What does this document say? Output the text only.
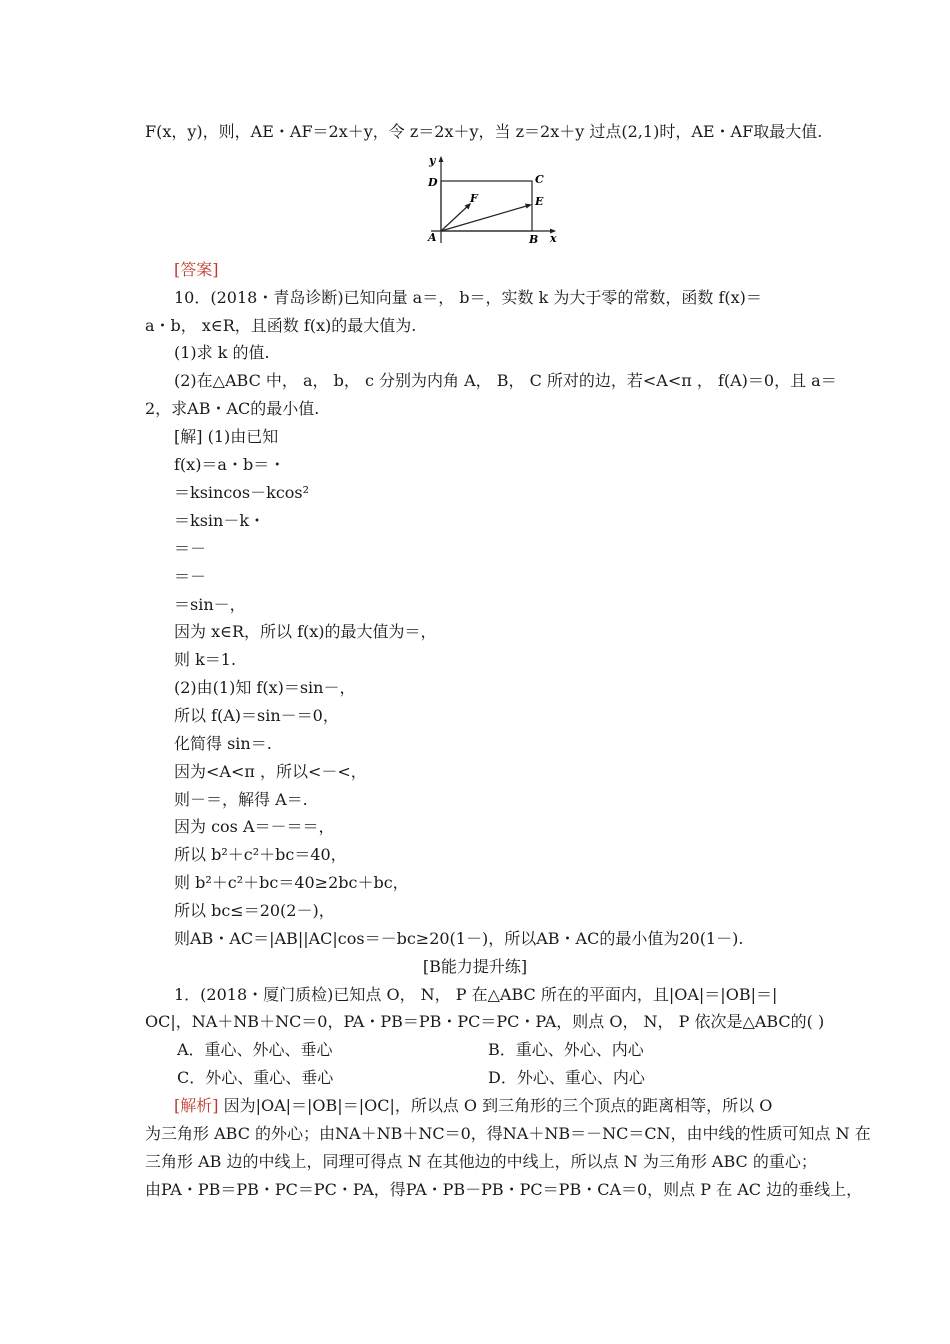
F(x，y)，则，AE・AF＝2x＋y，令 z＝2x＋y，当 z＝2x＋y 过点(2,1)时，AE・AF取最大值.
y
D	C
F	E
A	B x
[答案]
10．(2018・青岛诊断)已知向量 a＝， b＝，实数 k 为大于零的常数，函数 f(x)＝
a・b， x∈R，且函数 f(x)的最大值为.
(1)求 k 的值.
(2)在△ABC 中， a， b， c 分别为内角 A， B， C 所对的边，若<A<π ， f(A)＝0，且 a＝
2，求AB・AC的最小值.
[解] (1)由已知
f(x)＝a・b＝・
＝ksincos－kcos²
＝ksin－k・
＝－
＝－
＝sin－，
因为 x∈R，所以 f(x)的最大值为＝，
则 k＝1.
(2)由(1)知 f(x)＝sin－，
所以 f(A)＝sin－＝0，
化简得 sin＝.
因为<A<π ，所以<－<，
则－＝，解得 A＝.
因为 cos A＝－＝＝，
所以 b²＋c²＋bc＝40，
则 b²＋c²＋bc＝40≥2bc＋bc，
所以 bc≤＝20(2－)，
则AB・AC＝|AB||AC|cos＝－bc≥20(1－)，所以AB・AC的最小值为20(1－).
[B能力提升练]
1．(2018・厦门质检)已知点 O， N， P 在△ABC 所在的平面内，且|OA|＝|OB|＝|
OC|，NA＋NB＋NC＝0，PA・PB＝PB・PC＝PC・PA，则点 O， N， P 依次是△ABC的( )
A．重心、外心、垂心	B．重心、外心、内心
C．外心、重心、垂心	D．外心、重心、内心
[解析] 因为|OA|＝|OB|＝|OC|，所以点 O 到三角形的三个顶点的距离相等，所以 O
为三角形 ABC 的外心；由NA＋NB＋NC＝0，得NA＋NB＝－NC＝CN，由中线的性质可知点 N 在
三角形 AB 边的中线上，同理可得点 N 在其他边的中线上，所以点 N 为三角形 ABC 的重心；
由PA・PB＝PB・PC＝PC・PA，得PA・PB－PB・PC＝PB・CA＝0，则点 P 在 AC 边的垂线上，
